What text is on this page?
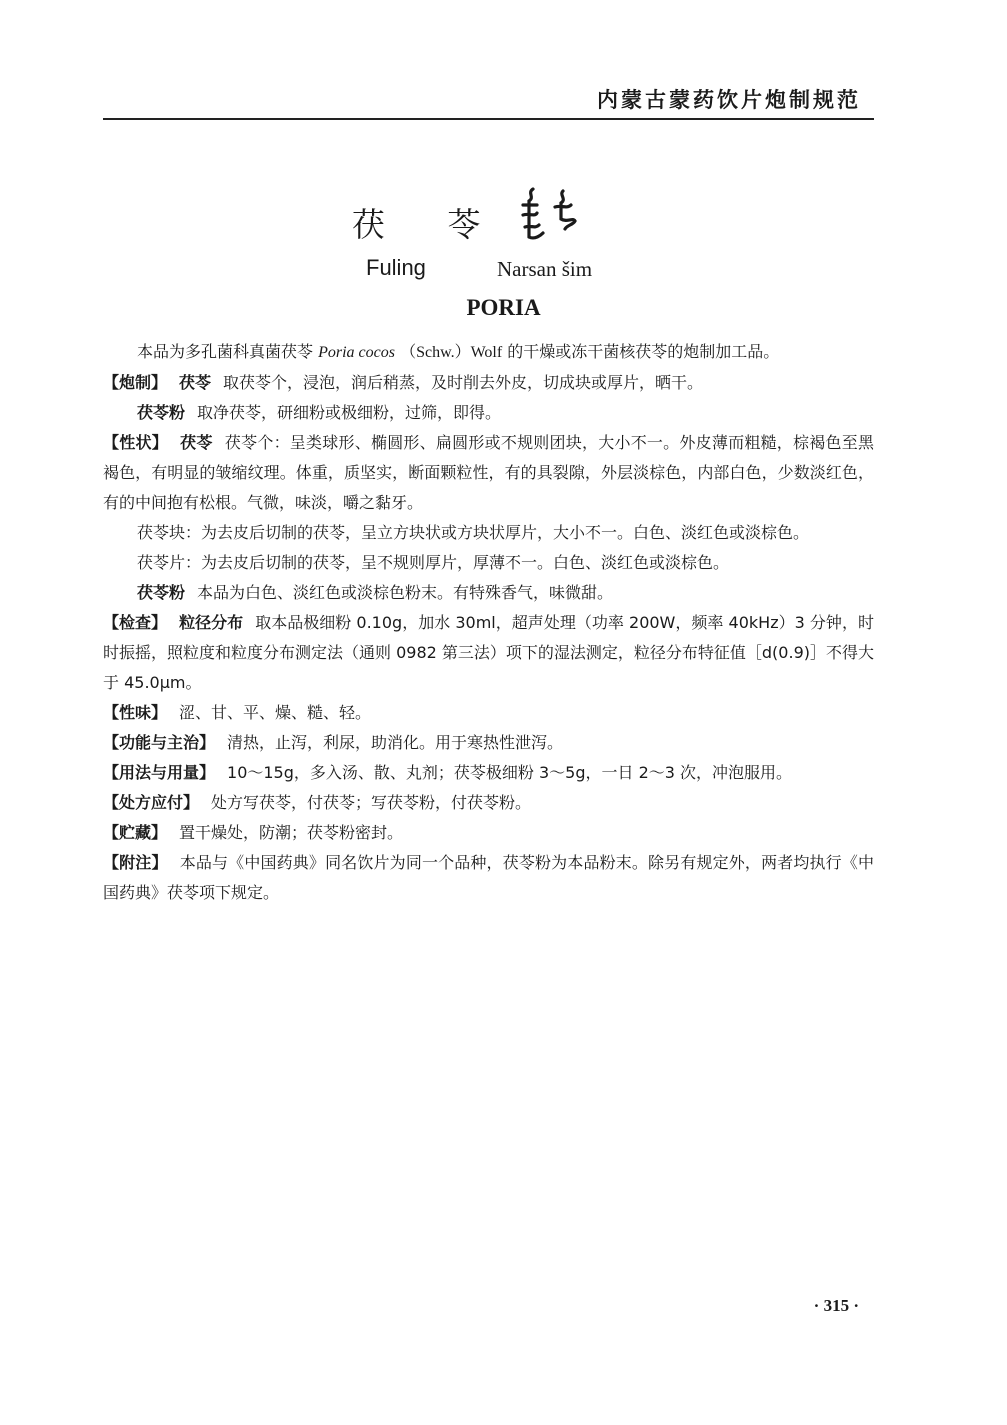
内蒙古蒙药饮片炮制规范
茯 苓
Fuling	Narsan šim
PORIA

本品为多孔菌科真菌茯苓 Poria cocos （Schw.）Wolf 的干燥或冻干菌核茯苓的炮制加工品。

【炮制】 茯苓 取茯苓个，浸泡，润后稍蒸，及时削去外皮，切成块或厚片，晒干。

茯苓粉 取净茯苓，研细粉或极细粉，过筛，即得。

【性状】 茯苓 茯苓个：呈类球形、椭圆形、扁圆形或不规则团块，大小不一。外皮薄而粗糙，棕褐色至黑褐色，有明显的皱缩纹理。体重，质坚实，断面颗粒性，有的具裂隙，外层淡棕色，内部白色，少数淡红色，有的中间抱有松根。气微，味淡，嚼之黏牙。

茯苓块：为去皮后切制的茯苓，呈立方块状或方块状厚片，大小不一。白色、淡红色或淡棕色。

茯苓片：为去皮后切制的茯苓，呈不规则厚片，厚薄不一。白色、淡红色或淡棕色。

茯苓粉 本品为白色、淡红色或淡棕色粉末。有特殊香气，味微甜。

【检查】 粒径分布 取本品极细粉 0.10g，加水 30ml，超声处理（功率 200W，频率 40kHz）3 分钟，时时振摇，照粒度和粒度分布测定法（通则 0982 第三法）项下的湿法测定，粒径分布特征值［d(0.9)］不得大于 45.0μm。

【性味】 涩、甘、平、燥、糙、轻。

【功能与主治】 清热，止泻，利尿，助消化。用于寒热性泄泻。

【用法与用量】 10～15g，多入汤、散、丸剂；茯苓极细粉 3～5g，一日 2～3 次，冲泡服用。

【处方应付】 处方写茯苓，付茯苓；写茯苓粉，付茯苓粉。

【贮藏】 置干燥处，防潮；茯苓粉密封。

【附注】 本品与《中国药典》同名饮片为同一个品种，茯苓粉为本品粉末。除另有规定外，两者均执行《中国药典》茯苓项下规定。

· 315 ·
